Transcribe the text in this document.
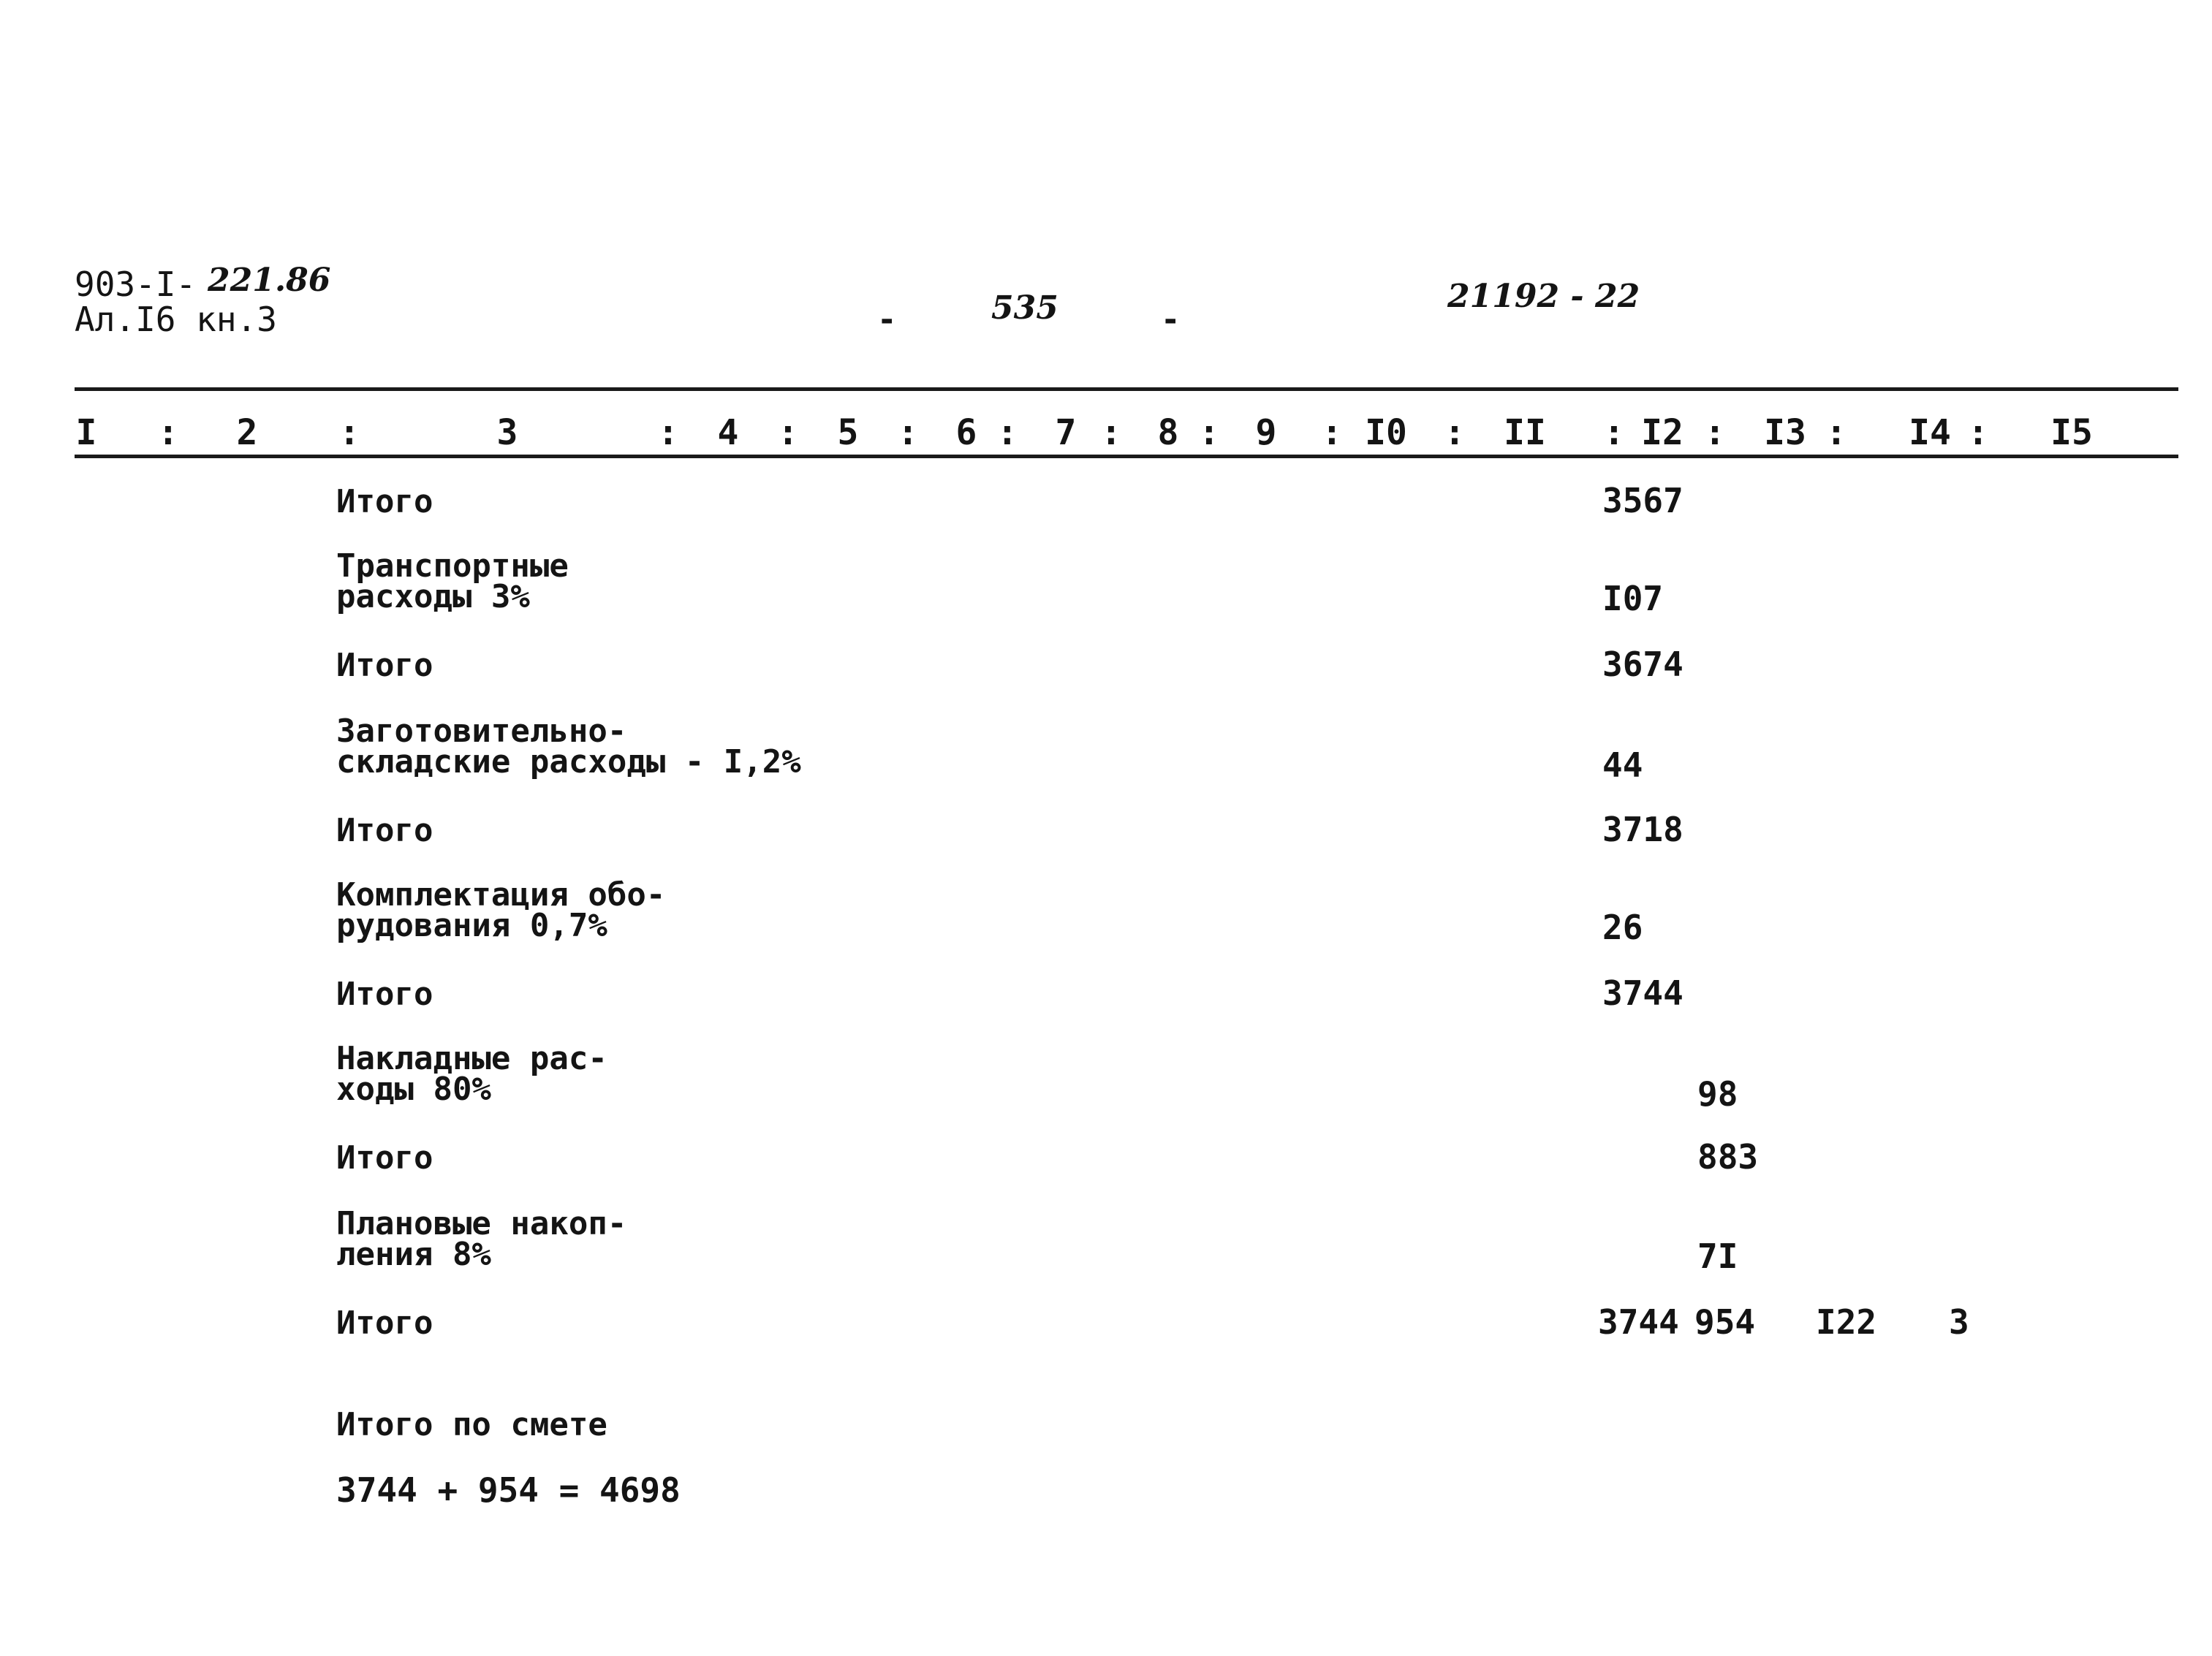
903-I- 221.86
Ал.I6 кн.3	-	535	-
21192 - 22
I : 2 :	3	: 4 : 5 : 6 : 7 : 8 : 9 : I0 : II : I2 : I3 : I4 : I5
Итого	3567
Транспортные
расходы 3%	I07
Итого	3674
Заготовительно-
складские расходы - I,2%	44
Итого	3718
Комплектация обо-
рудования 0,7%	26
Итого	3744
Накладные рас-
ходы 80%	98
Итого	883
Плановые накоп-
ления 8%	7I
Итого	3744 954 I22 3
Итого по смете
3744 + 954 = 4698
